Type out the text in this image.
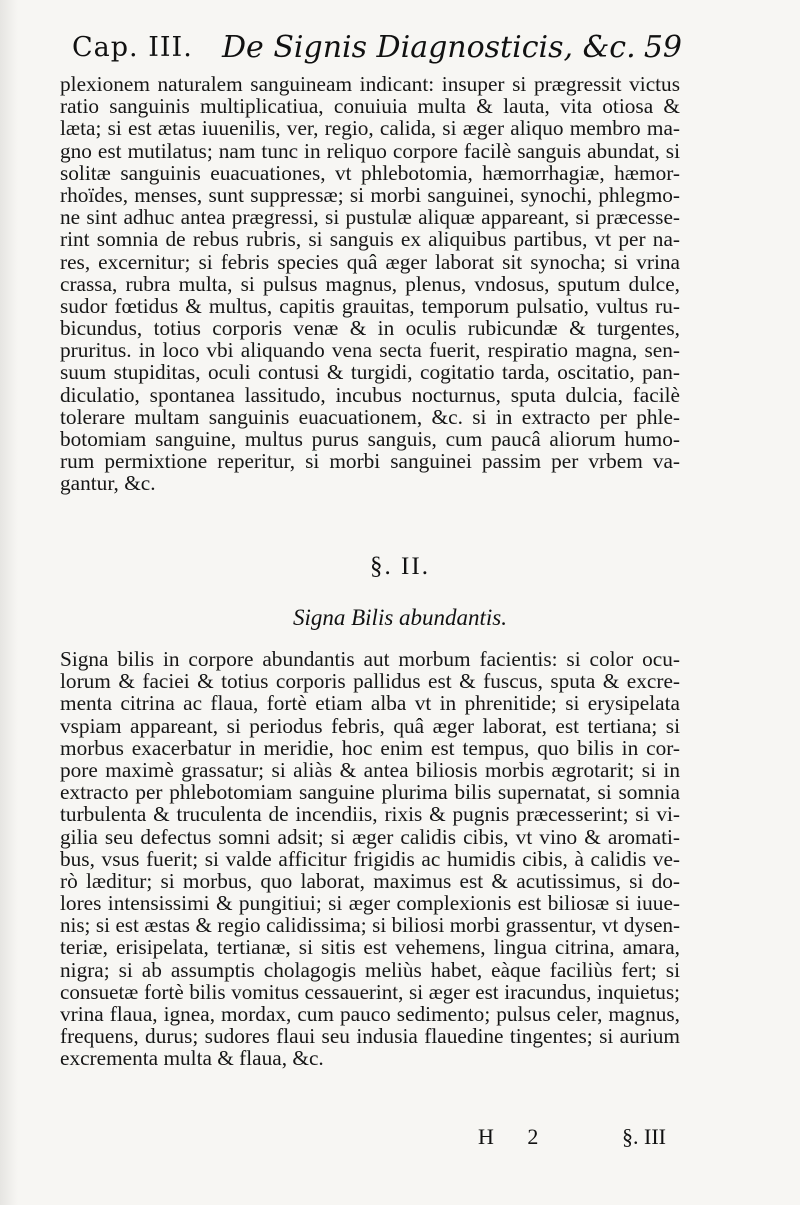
Cap. III. De Signis Diagnosticis, &c. 59
plexionem naturalem sanguineam indicant: insuper si prægressit victus
ratio sanguinis multiplicatiua, conuiuia multa & lauta, vita otiosa &
læta; si est ætas iuuenilis, ver, regio, calida, si æger aliquo membro ma-
gno est mutilatus; nam tunc in reliquo corpore facilè sanguis abundat, si
solitæ sanguinis euacuationes, vt phlebotomia, hæmorrhagiæ, hæmor-
rhoïdes, menses, sunt suppressæ; si morbi sanguinei, synochi, phlegmo-
ne sint adhuc antea prægressi, si pustulæ aliquæ appareant, si præcesse-
rint somnia de rebus rubris, si sanguis ex aliquibus partibus, vt per na-
res, excernitur; si febris species quâ æger laborat sit synocha; si vrina
crassa, rubra multa, si pulsus magnus, plenus, vndosus, sputum dulce,
sudor fœtidus & multus, capitis grauitas, temporum pulsatio, vultus ru-
bicundus, totius corporis venæ & in oculis rubicundæ & turgentes,
pruritus. in loco vbi aliquando vena secta fuerit, respiratio magna, sen-
suum stupiditas, oculi contusi & turgidi, cogitatio tarda, oscitatio, pan-
diculatio, spontanea lassitudo, incubus nocturnus, sputa dulcia, facilè
tolerare multam sanguinis euacuationem, &c. si in extracto per phle-
botomiam sanguine, multus purus sanguis, cum paucâ aliorum humo-
rum permixtione reperitur, si morbi sanguinei passim per vrbem va-
gantur, &c.
§. II.
Signa Bilis abundantis.
Signa bilis in corpore abundantis aut morbum facientis: si color ocu-
lorum & faciei & totius corporis pallidus est & fuscus, sputa & excre-
menta citrina ac flaua, fortè etiam alba vt in phrenitide; si erysipelata
vspiam appareant, si periodus febris, quâ æger laborat, est tertiana; si
morbus exacerbatur in meridie, hoc enim est tempus, quo bilis in cor-
pore maximè grassatur; si aliàs & antea biliosis morbis ægrotarit; si in
extracto per phlebotomiam sanguine plurima bilis supernatat, si somnia
turbulenta & truculenta de incendiis, rixis & pugnis præcesserint; si vi-
gilia seu defectus somni adsit; si æger calidis cibis, vt vino & aromati-
bus, vsus fuerit; si valde afficitur frigidis ac humidis cibis, à calidis ve-
rò læditur; si morbus, quo laborat, maximus est & acutissimus, si do-
lores intensissimi & pungitiui; si æger complexionis est biliosæ si iuue-
nis; si est æstas & regio calidissima; si biliosi morbi grassentur, vt dysen-
teriæ, erisipelata, tertianæ, si sitis est vehemens, lingua citrina, amara,
nigra; si ab assumptis cholagogis meliùs habet, eàque faciliùs fert; si
consuetæ fortè bilis vomitus cessauerint, si æger est iracundus, inquietus;
vrina flaua, ignea, mordax, cum pauco sedimento; pulsus celer, magnus,
frequens, durus; sudores flaui seu indusia flauedine tingentes; si aurium
excrementa multa & flaua, &c.
H 2	§. III
